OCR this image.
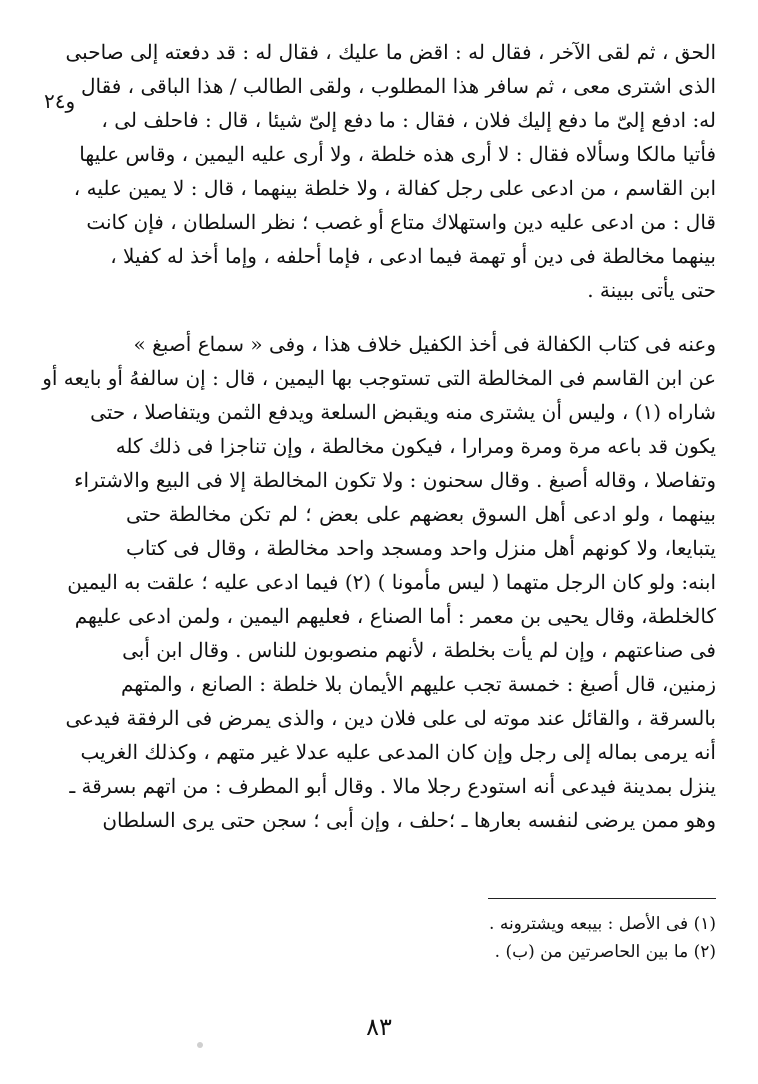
و٢٤
الحق ، ثم لقى الآخر ، فقال له : اقض ما عليك ، فقال له : قد دفعته إلى صاحبى
الذى اشترى معى ، ثم سافر هذا المطلوب ، ولقى الطالب / هذا الباقى ، فقال
له: ادفع إلىّ ما دفع إليك فلان ، فقال : ما دفع إلىّ شيئا ، قال : فاحلف لى ،
فأتيا مالكا وسألاه فقال : لا أرى هذه خلطة ، ولا أرى عليه اليمين ، وقاس عليها
ابن القاسم ، من ادعى على رجل كفالة ، ولا خلطة بينهما ، قال : لا يمين عليه ،
قال : من ادعى عليه دين واستهلاك متاع أو غصب ؛ نظر السلطان ، فإن كانت
بينهما مخالطة فى دين أو تهمة فيما ادعى ، فإما أحلفه ، وإما أخذ له كفيلا ،
حتى يأتى ببينة .
وعنه فى كتاب الكفالة فى أخذ الكفيل خلاف هذا ، وفى « سماع أصبغ »
عن ابن القاسم فى المخالطة التى تستوجب بها اليمين ، قال : إن سالفهُ أو بايعه أو
شاراه (١) ، وليس أن يشترى منه ويقبض السلعة ويدفع الثمن ويتفاصلا ، حتى
يكون قد باعه مرة ومرة ومرارا ، فيكون مخالطة ، وإن تناجزا فى ذلك كله
وتفاصلا ، وقاله أصبغ . وقال سحنون : ولا تكون المخالطة إلا فى البيع والاشتراء
بينهما ، ولو ادعى أهل السوق بعضهم على بعض ؛ لم تكن مخالطة حتى
يتبايعا، ولا كونهم أهل منزل واحد ومسجد واحد مخالطة ، وقال فى كتاب
ابنه: ولو كان الرجل متهما ( ليس مأمونا ) (٢) فيما ادعى عليه ؛ علقت به اليمين
كالخلطة، وقال يحيى بن معمر : أما الصناع ، فعليهم اليمين ، ولمن ادعى عليهم
فى صناعتهم ، وإن لم يأت بخلطة ، لأنهم منصوبون للناس . وقال ابن أبى
زمنين، قال أصبغ : خمسة تجب عليهم الأيمان بلا خلطة : الصانع ، والمتهم
بالسرقة ، والقائل عند موته لى على فلان دين ، والذى يمرض فى الرفقة فيدعى
أنه يرمى بماله إلى رجل وإن كان المدعى عليه عدلا غير متهم ، وكذلك الغريب
ينزل بمدينة فيدعى أنه استودع رجلا مالا . وقال أبو المطرف : من اتهم بسرقة ـ
وهو ممن يرضى لنفسه بعارها ـ ؛حلف ، وإن أبى ؛ سجن حتى يرى السلطان
(١) فى الأصل : بيبعه ويشترونه .
(٢) ما بين الحاصرتين من (ب) .
٨٣
